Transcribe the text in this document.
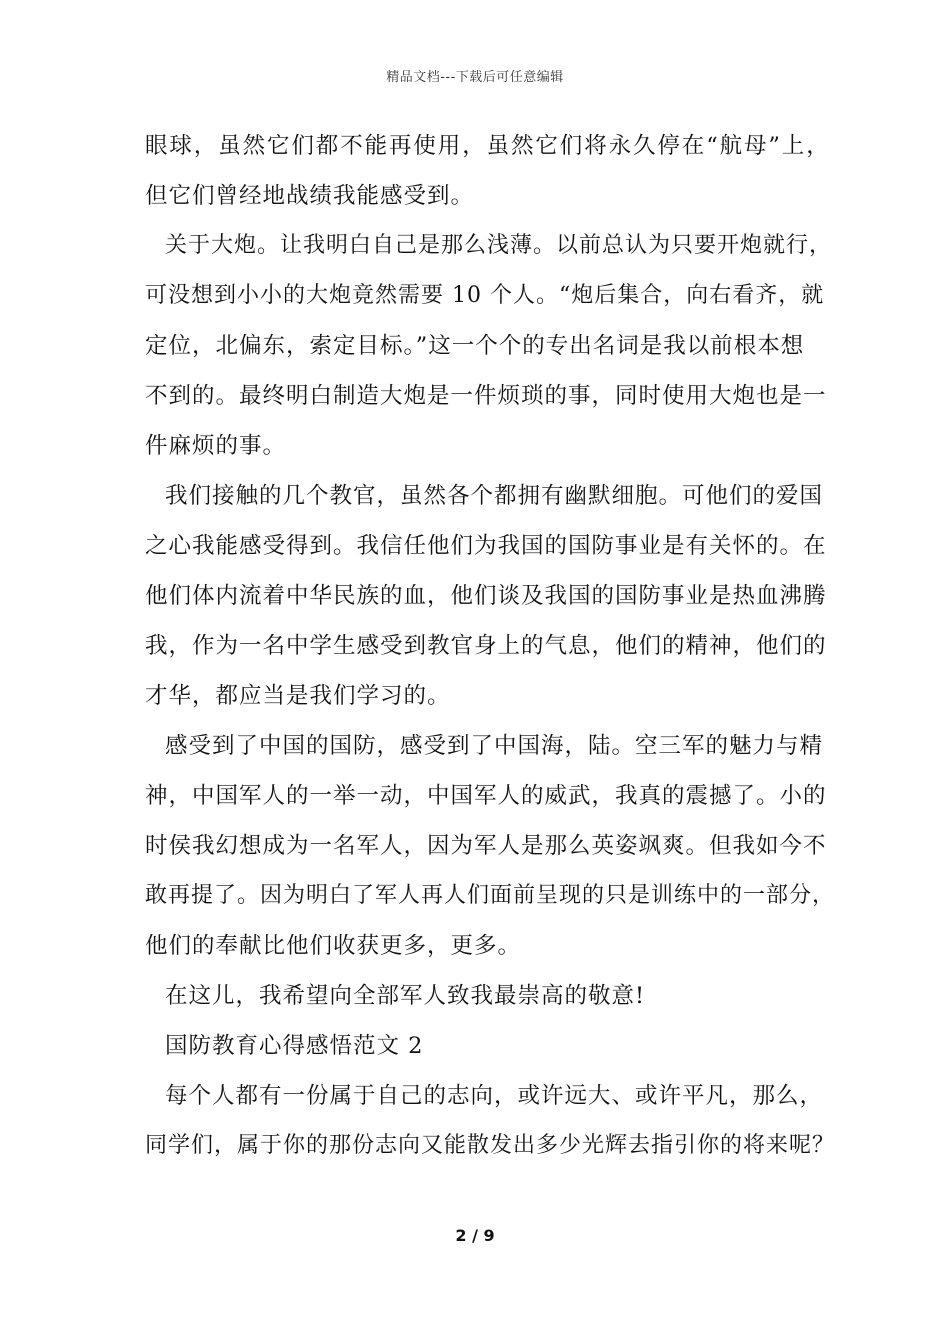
精品文档---下载后可任意编辑
眼球，虽然它们都不能再使用，虽然它们将永久停在“航母”上，
但它们曾经地战绩我能感受到。
关于大炮。让我明白自己是那么浅薄。以前总认为只要开炮就行，
可没想到小小的大炮竟然需要 10 个人。“炮后集合，向右看齐，就
定位，北偏东，索定目标。”这一个个的专出名词是我以前根本想
不到的。最终明白制造大炮是一件烦琐的事，同时使用大炮也是一
件麻烦的事。
我们接触的几个教官，虽然各个都拥有幽默细胞。可他们的爱国
之心我能感受得到。我信任他们为我国的国防事业是有关怀的。在
他们体内流着中华民族的血，他们谈及我国的国防事业是热血沸腾
我，作为一名中学生感受到教官身上的气息，他们的精神，他们的
才华，都应当是我们学习的。
感受到了中国的国防，感受到了中国海，陆。空三军的魅力与精
神，中国军人的一举一动，中国军人的威武，我真的震撼了。小的
时侯我幻想成为一名军人，因为军人是那么英姿飒爽。但我如今不
敢再提了。因为明白了军人再人们面前呈现的只是训练中的一部分，
他们的奉献比他们收获更多，更多。
在这儿，我希望向全部军人致我最崇高的敬意!
国防教育心得感悟范文 2
每个人都有一份属于自己的志向，或许远大、或许平凡，那么，
同学们，属于你的那份志向又能散发出多少光辉去指引你的将来呢？
2 / 9
